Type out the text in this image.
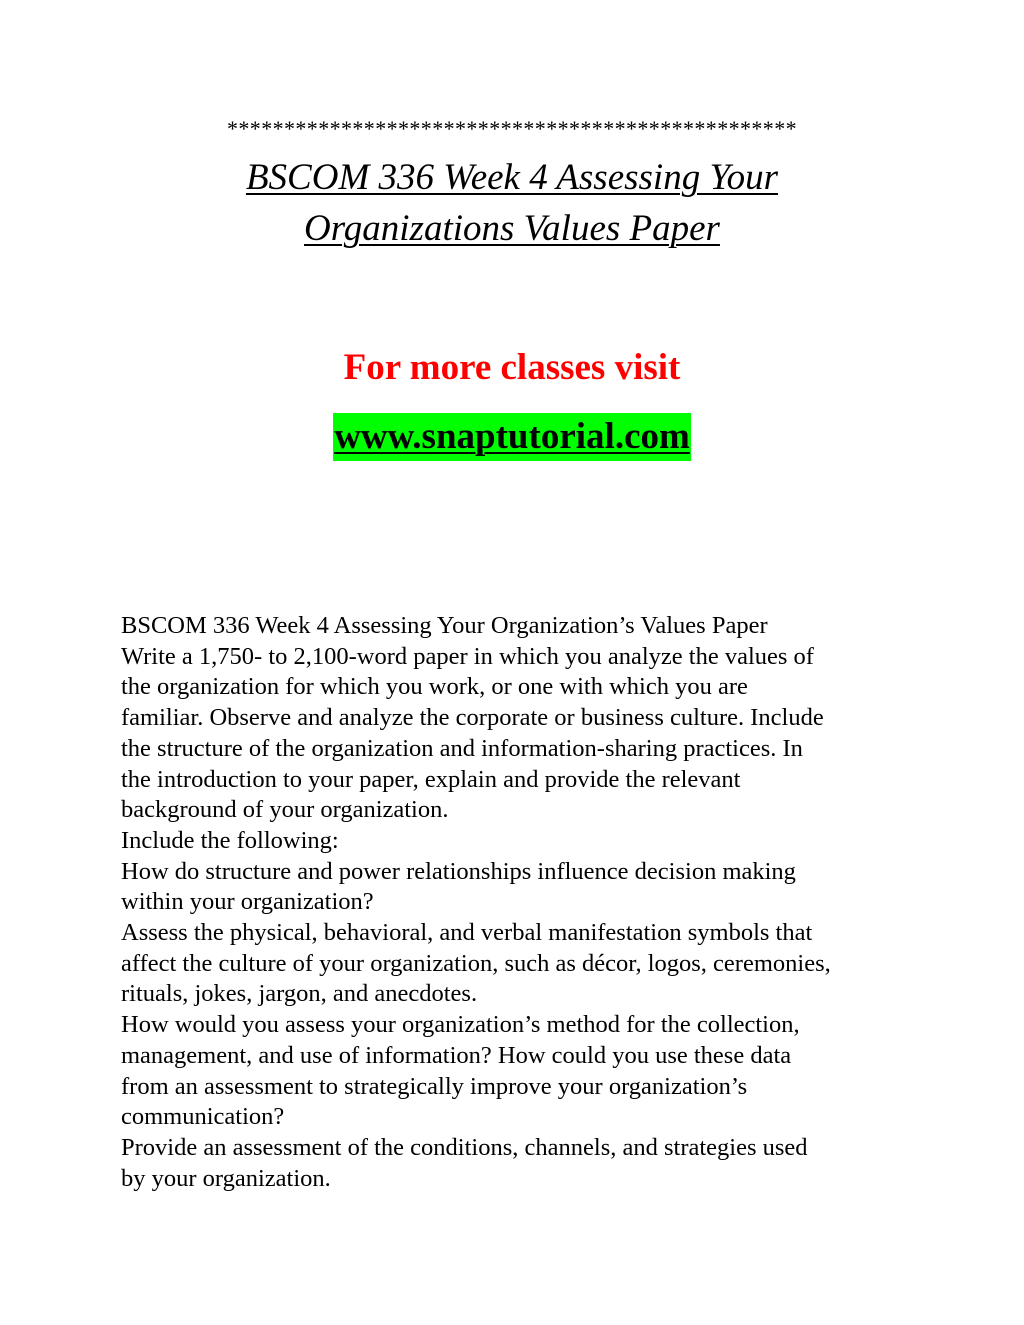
**************************************************
BSCOM 336 Week 4 Assessing Your
Organizations Values Paper
For more classes visit
www.snaptutorial.com
BSCOM 336 Week 4 Assessing Your Organization’s Values Paper
Write a 1,750- to 2,100-word paper in which you analyze the values of
the organization for which you work, or one with which you are
familiar. Observe and analyze the corporate or business culture. Include
the structure of the organization and information-sharing practices. In
the introduction to your paper, explain and provide the relevant
background of your organization.
Include the following:
How do structure and power relationships influence decision making
within your organization?
Assess the physical, behavioral, and verbal manifestation symbols that
affect the culture of your organization, such as décor, logos, ceremonies,
rituals, jokes, jargon, and anecdotes.
How would you assess your organization’s method for the collection,
management, and use of information? How could you use these data
from an assessment to strategically improve your organization’s
communication?
Provide an assessment of the conditions, channels, and strategies used
by your organization.
